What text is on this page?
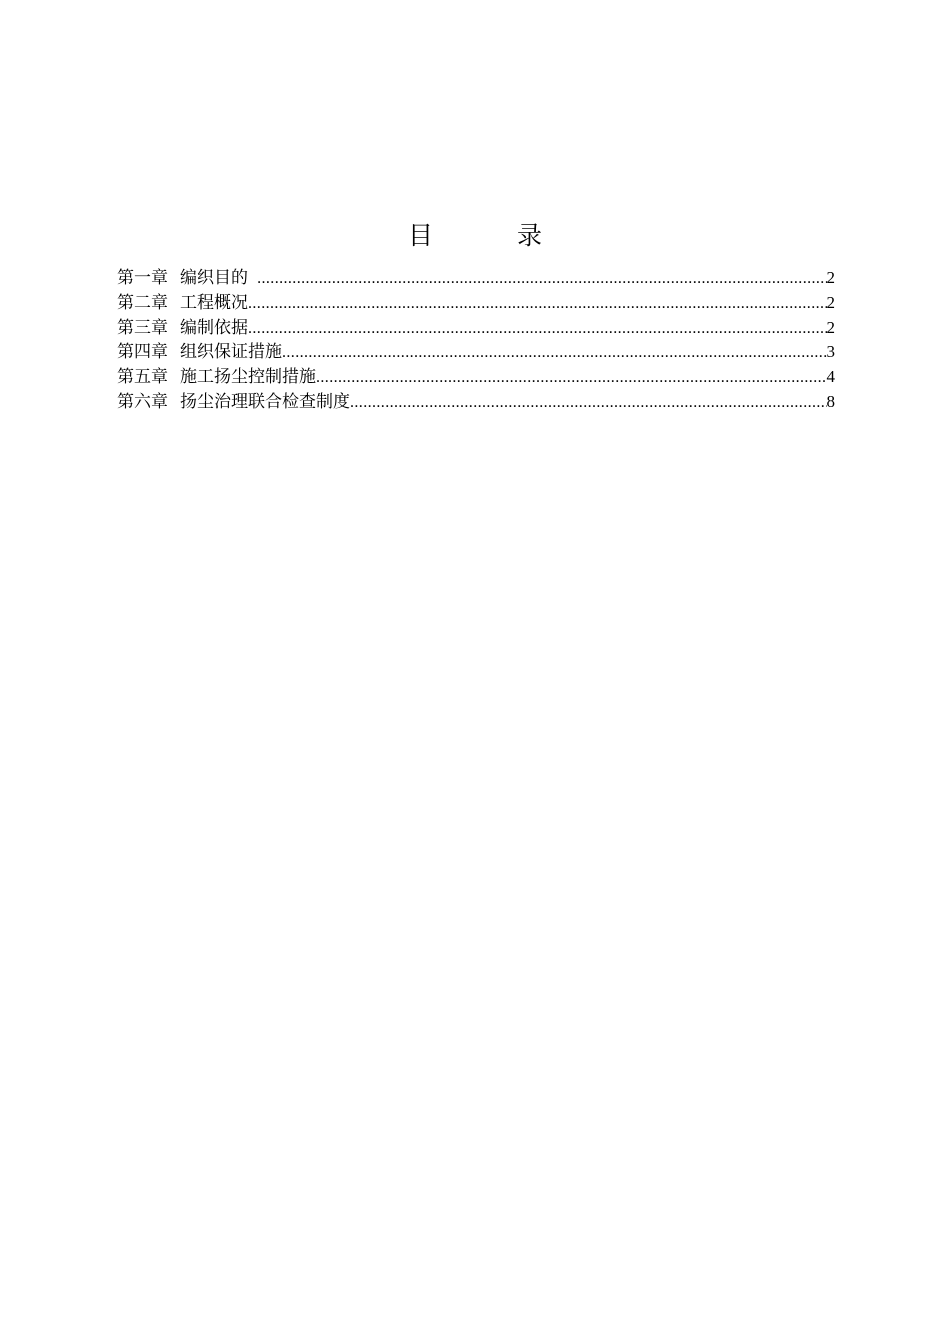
目 录
第一章 编织目的 .....	2
第二章 工程概况 .....	2
第三章 编制依据 .....	2
第四章 组织保证措施 .....	3
第五章 施工扬尘控制措施 .....	4
第六章 扬尘治理联合检查制度 .....	8
